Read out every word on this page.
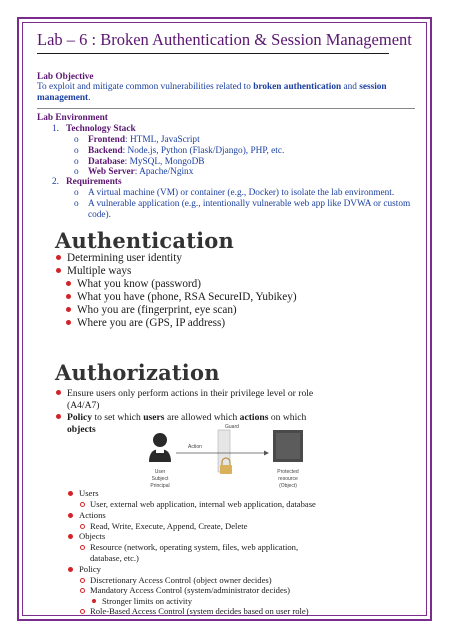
Lab – 6 : Broken Authentication & Session Management
Lab Objective
To exploit and mitigate common vulnerabilities related to broken authentication and session
management.
Lab Environment
1. Technology Stack
o Frontend: HTML, JavaScript
o Backend: Node.js, Python (Flask/Django), PHP, etc.
o Database: MySQL, MongoDB
o Web Server: Apache/Nginx
2. Requirements
o A virtual machine (VM) or container (e.g., Docker) to isolate the lab environment.
o A vulnerable application (e.g., intentionally vulnerable web app like DVWA or custom
code).
Authentication
Determining user identity
Multiple ways
What you know (password)
What you have (phone, RSA SecureID, Yubikey)
Who you are (fingerprint, eye scan)
Where you are (GPS, IP address)
Authorization
Ensure users only perform actions in their privilege level or role
(A4/A7)
Policy to set which users are allowed which actions on which
objects
User
Subject
Principal
Guard
Action
Protected
resource
(Object)
Users
User, external web application, internal web application, database
Actions
Read, Write, Execute, Append, Create, Delete
Objects
Resource (network, operating system, files, web application,
database, etc.)
Policy
Discretionary Access Control (object owner decides)
Mandatory Access Control (system/administrator decides)
Stronger limits on activity
Role-Based Access Control (system decides based on user role)
